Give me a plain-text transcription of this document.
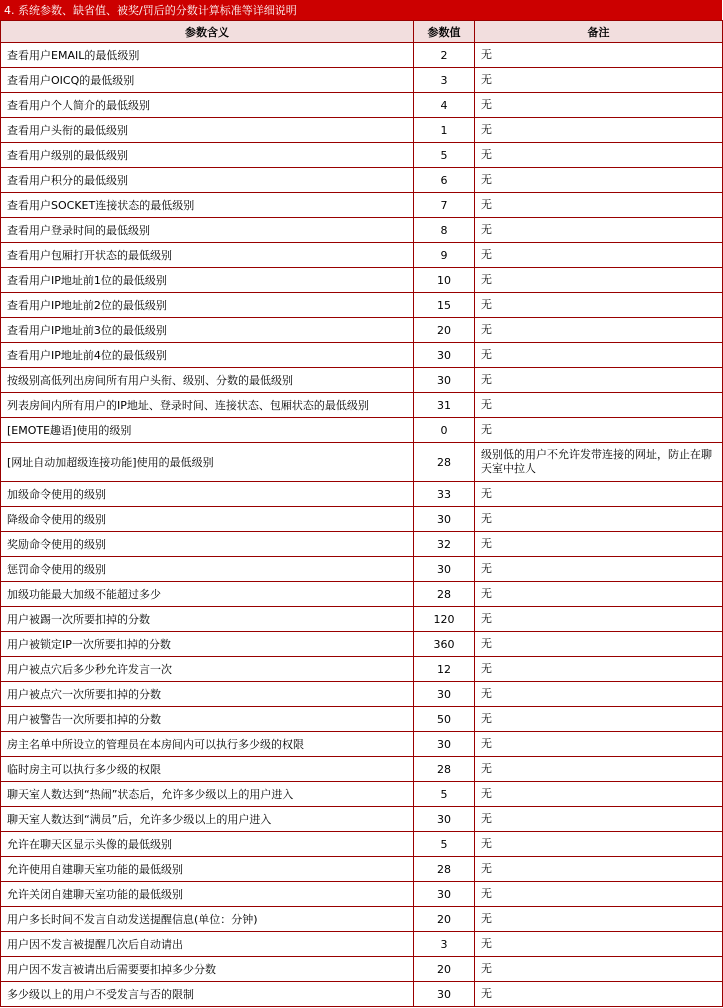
4. 系统参数、缺省值、被奖/罚后的分数计算标准等详细说明
参数含义	参数值	备注
查看用户EMAIL的最低级别	2	无
查看用户OICQ的最低级别	3	无
查看用户个人简介的最低级别	4	无
查看用户头衔的最低级别	1	无
查看用户级别的最低级别	5	无
查看用户积分的最低级别	6	无
查看用户SOCKET连接状态的最低级别	7	无
查看用户登录时间的最低级别	8	无
查看用户包厢打开状态的最低级别	9	无
查看用户IP地址前1位的最低级别	10	无
查看用户IP地址前2位的最低级别	15	无
查看用户IP地址前3位的最低级别	20	无
查看用户IP地址前4位的最低级别	30	无
按级别高低列出房间所有用户头衔、级别、分数的最低级别	30	无
列表房间内所有用户的IP地址、登录时间、连接状态、包厢状态的最低级别	31	无
[EMOTE趣语]使用的级别	0	无
[网址自动加超级连接功能]使用的最低级别	28	级别低的用户不允许发带连接的网址，防止在聊天室中拉人
加级命令使用的级别	33	无
降级命令使用的级别	30	无
奖励命令使用的级别	32	无
惩罚命令使用的级别	30	无
加级功能最大加级不能超过多少	28	无
用户被踢一次所要扣掉的分数	120	无
用户被锁定IP一次所要扣掉的分数	360	无
用户被点穴后多少秒允许发言一次	12	无
用户被点穴一次所要扣掉的分数	30	无
用户被警告一次所要扣掉的分数	50	无
房主名单中所设立的管理员在本房间内可以执行多少级的权限	30	无
临时房主可以执行多少级的权限	28	无
聊天室人数达到“热闹”状态后，允许多少级以上的用户进入	5	无
聊天室人数达到“满员”后，允许多少级以上的用户进入	30	无
允许在聊天区显示头像的最低级别	5	无
允许使用自建聊天室功能的最低级别	28	无
允许关闭自建聊天室功能的最低级别	30	无
用户多长时间不发言自动发送提醒信息(单位：分钟)	20	无
用户因不发言被提醒几次后自动请出	3	无
用户因不发言被请出后需要要扣掉多少分数	20	无
多少级以上的用户不受发言与否的限制	30	无
